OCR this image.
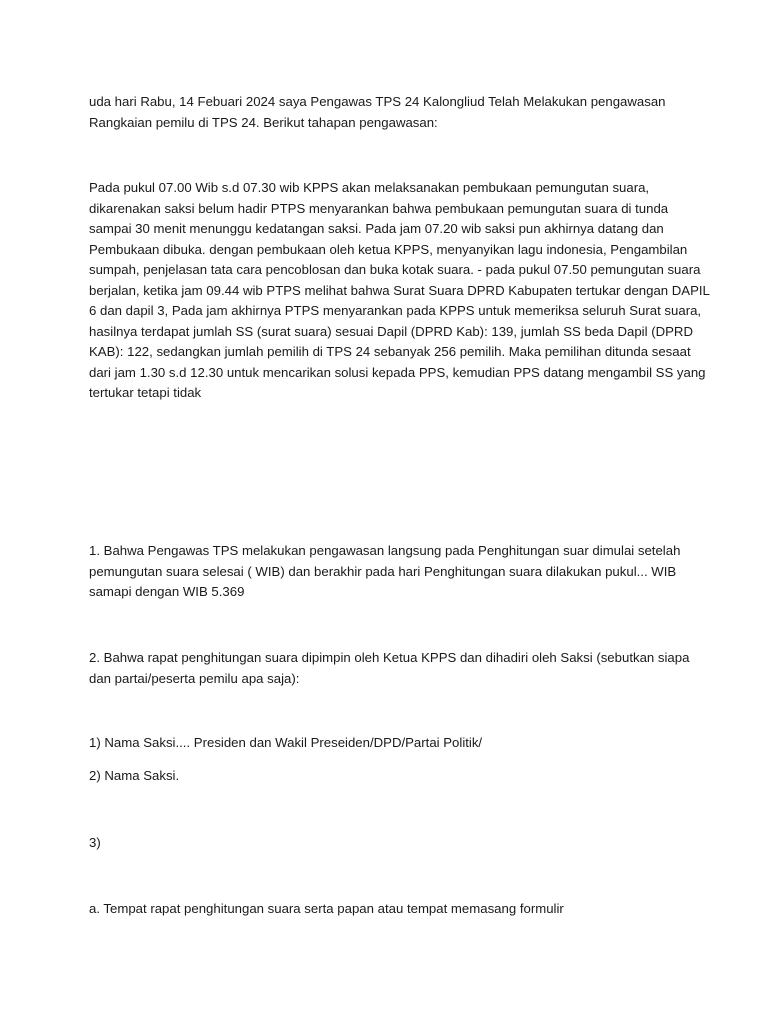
uda hari Rabu, 14 Febuari 2024 saya Pengawas TPS 24 Kalongliud Telah Melakukan pengawasan
Rangkaian pemilu di TPS 24. Berikut tahapan pengawasan:

Pada pukul 07.00 Wib s.d 07.30 wib KPPS akan melaksanakan pembukaan pemungutan suara,
dikarenakan saksi belum hadir PTPS menyarankan bahwa pembukaan pemungutan suara di tunda
sampai 30 menit menunggu kedatangan saksi. Pada jam 07.20 wib saksi pun akhirnya datang dan
Pembukaan dibuka. dengan pembukaan oleh ketua KPPS, menyanyikan lagu indonesia, Pengambilan
sumpah, penjelasan tata cara pencoblosan dan buka kotak suara. - pada pukul 07.50 pemungutan suara
berjalan, ketika jam 09.44 wib PTPS melihat bahwa Surat Suara DPRD Kabupaten tertukar dengan DAPIL
6 dan dapil 3, Pada jam akhirnya PTPS menyarankan pada KPPS untuk memeriksa seluruh Surat suara,
hasilnya terdapat jumlah SS (surat suara) sesuai Dapil (DPRD Kab): 139, jumlah SS beda Dapil (DPRD
KAB): 122, sedangkan jumlah pemilih di TPS 24 sebanyak 256 pemilih. Maka pemilihan ditunda sesaat
dari jam 1.30 s.d 12.30 untuk mencarikan solusi kepada PPS, kemudian PPS datang mengambil SS yang
tertukar tetapi tidak

1. Bahwa Pengawas TPS melakukan pengawasan langsung pada Penghitungan suar dimulai setelah
pemungutan suara selesai ( WIB) dan berakhir pada hari Penghitungan suara dilakukan pukul... WIB
samapi dengan WIB 5.369

2. Bahwa rapat penghitungan suara dipimpin oleh Ketua KPPS dan dihadiri oleh Saksi (sebutkan siapa
dan partai/peserta pemilu apa saja):

1) Nama Saksi.... Presiden dan Wakil Preseiden/DPD/Partai Politik/

2) Nama Saksi.

3)

a. Tempat rapat penghitungan suara serta papan atau tempat memasang formulir
